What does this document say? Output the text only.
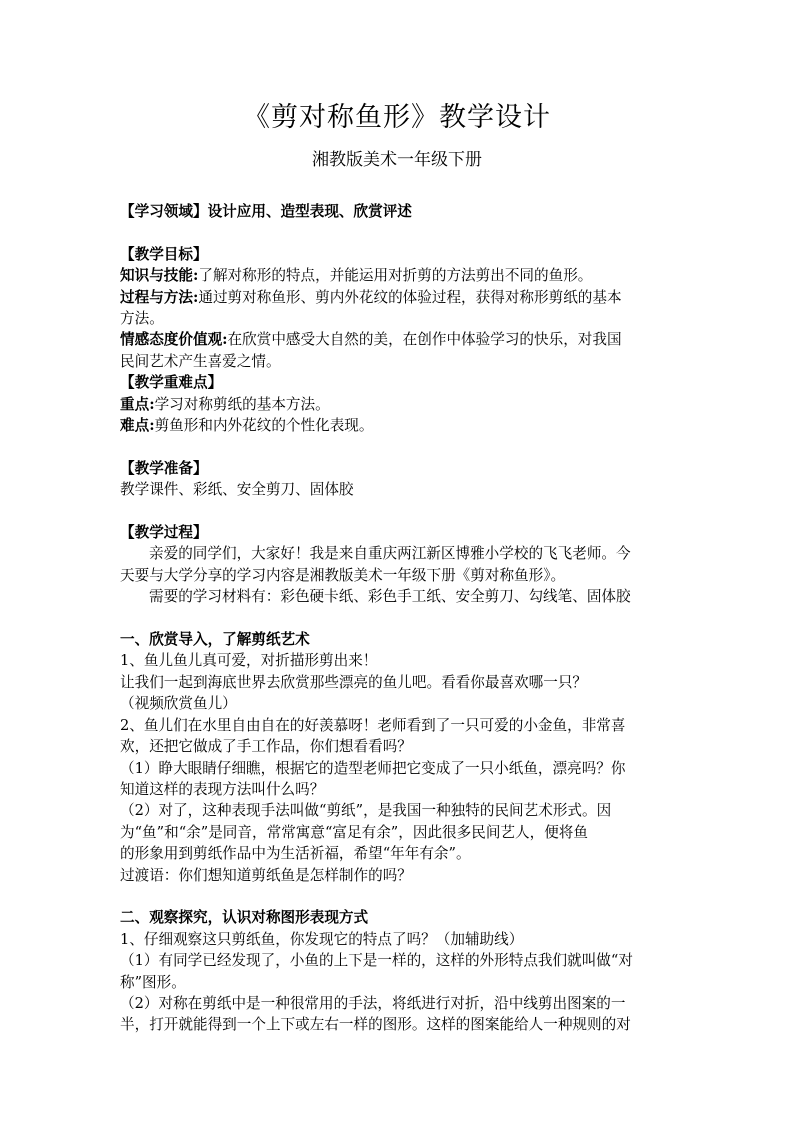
《剪对称鱼形》教学设计
湘教版美术一年级下册

【学习领域】设计应用、造型表现、欣赏评述

【教学目标】

知识与技能:了解对称形的特点，并能运用对折剪的方法剪出不同的鱼形。

过程与方法:通过剪对称鱼形、剪内外花纹的体验过程，获得对称形剪纸的基本

方法。

情感态度价值观:在欣赏中感受大自然的美，在创作中体验学习的快乐，对我国

民间艺术产生喜爱之情。

【教学重难点】

重点:学习对称剪纸的基本方法。

难点:剪鱼形和内外花纹的个性化表现。

【教学准备】

教学课件、彩纸、安全剪刀、固体胶

【教学过程】

亲爱的同学们，大家好！我是来自重庆两江新区博雅小学校的飞飞老师。今

天要与大学分享的学习内容是湘教版美术一年级下册《剪对称鱼形》。

需要的学习材料有：彩色硬卡纸、彩色手工纸、安全剪刀、勾线笔、固体胶

一、欣赏导入，了解剪纸艺术

1、鱼儿鱼儿真可爱，对折描形剪出来！

让我们一起到海底世界去欣赏那些漂亮的鱼儿吧。看看你最喜欢哪一只？

（视频欣赏鱼儿）

2、鱼儿们在水里自由自在的好羡慕呀！老师看到了一只可爱的小金鱼，非常喜

欢，还把它做成了手工作品，你们想看看吗？

（1）睁大眼睛仔细瞧，根据它的造型老师把它变成了一只小纸鱼，漂亮吗？你

知道这样的表现方法叫什么吗？

（2）对了，这种表现手法叫做“剪纸”，是我国一种独特的民间艺术形式。因

为“鱼”和“余”是同音，常常寓意“富足有余”，因此很多民间艺人，便将鱼

的形象用到剪纸作品中为生活祈福，希望“年年有余”。

过渡语：你们想知道剪纸鱼是怎样制作的吗？

二、观察探究，认识对称图形表现方式

1、仔细观察这只剪纸鱼，你发现它的特点了吗？（加辅助线）

（1）有同学已经发现了，小鱼的上下是一样的，这样的外形特点我们就叫做“对

称”图形。

（2）对称在剪纸中是一种很常用的手法，将纸进行对折，沿中线剪出图案的一

半，打开就能得到一个上下或左右一样的图形。这样的图案能给人一种规则的对
